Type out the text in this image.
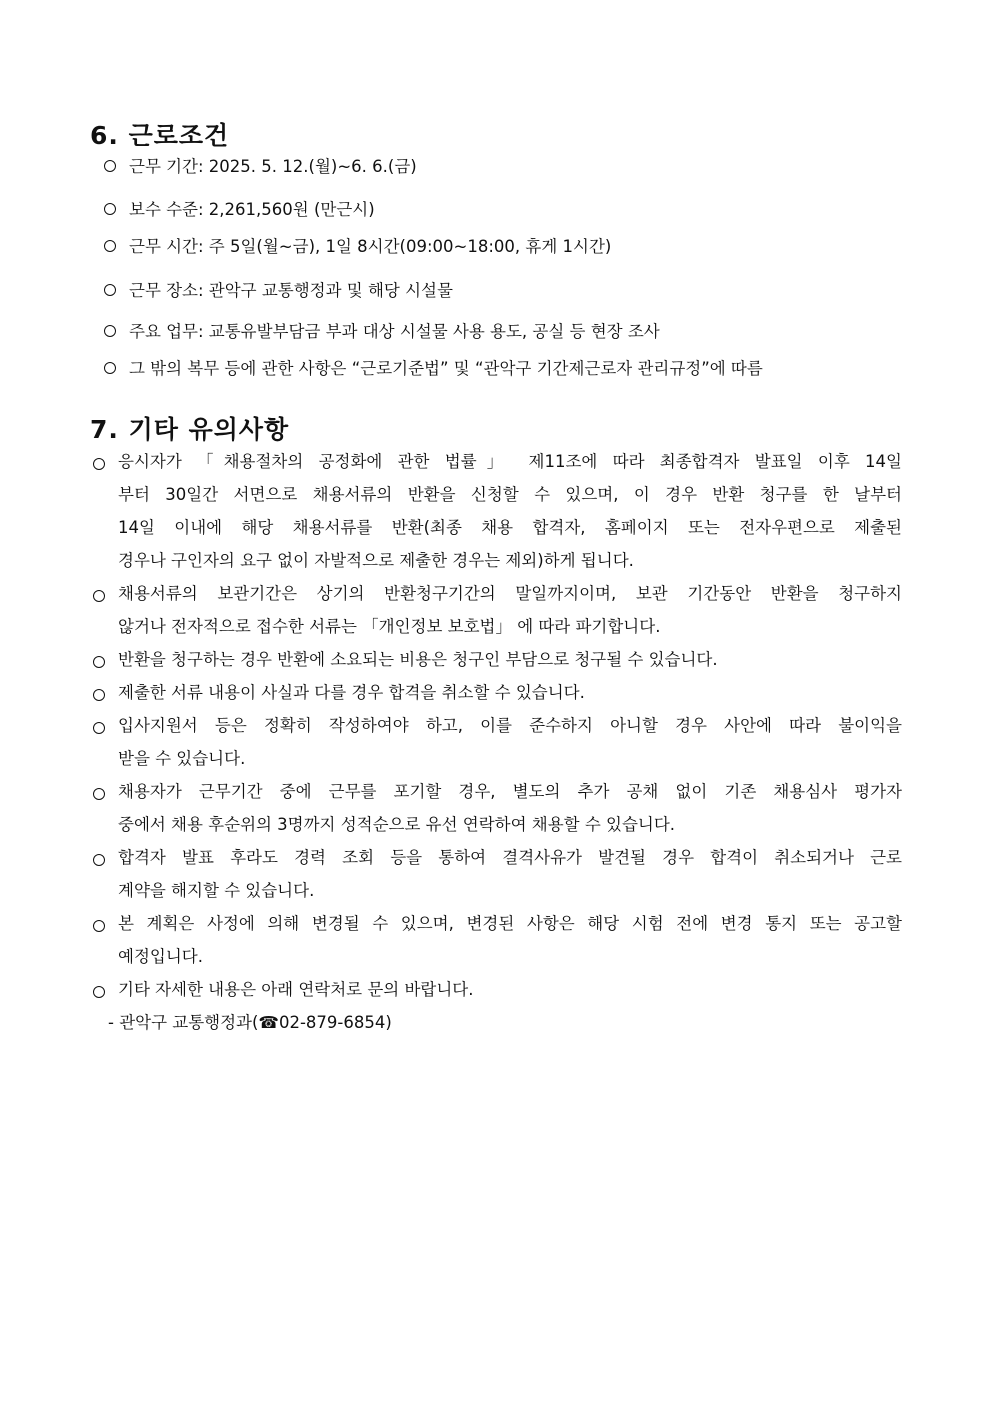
6. 근로조건
근무 기간: 2025. 5. 12.(월)~6. 6.(금)
보수 수준: 2,261,560원 (만근시)
근무 시간: 주 5일(월~금), 1일 8시간(09:00~18:00, 휴게 1시간)
근무 장소: 관악구 교통행정과 및 해당 시설물
주요 업무: 교통유발부담금 부과 대상 시설물 사용 용도, 공실 등 현장 조사
그 밖의 복무 등에 관한 사항은 “근로기준법” 및 “관악구 기간제근로자 관리규정”에 따름
7. 기타 유의사항
응시자가 「채용절차의 공정화에 관한 법률」 제11조에 따라 최종합격자 발표일 이후 14일
부터 30일간 서면으로 채용서류의 반환을 신청할 수 있으며, 이 경우 반환 청구를 한 날부터
14일 이내에 해당 채용서류를 반환(최종 채용 합격자, 홈페이지 또는 전자우편으로 제출된
경우나 구인자의 요구 없이 자발적으로 제출한 경우는 제외)하게 됩니다.
채용서류의 보관기간은 상기의 반환청구기간의 말일까지이며, 보관 기간동안 반환을 청구하지
않거나 전자적으로 접수한 서류는 「개인정보 보호법」 에 따라 파기합니다.
반환을 청구하는 경우 반환에 소요되는 비용은 청구인 부담으로 청구될 수 있습니다.
제출한 서류 내용이 사실과 다를 경우 합격을 취소할 수 있습니다.
입사지원서 등은 정확히 작성하여야 하고, 이를 준수하지 아니할 경우 사안에 따라 불이익을
받을 수 있습니다.
채용자가 근무기간 중에 근무를 포기할 경우, 별도의 추가 공채 없이 기존 채용심사 평가자
중에서 채용 후순위의 3명까지 성적순으로 유선 연락하여 채용할 수 있습니다.
합격자 발표 후라도 경력 조회 등을 통하여 결격사유가 발견될 경우 합격이 취소되거나 근로
계약을 해지할 수 있습니다.
본 계획은 사정에 의해 변경될 수 있으며, 변경된 사항은 해당 시험 전에 변경 통지 또는 공고할
예정입니다.
기타 자세한 내용은 아래 연락처로 문의 바랍니다.
- 관악구 교통행정과(☎02-879-6854)
